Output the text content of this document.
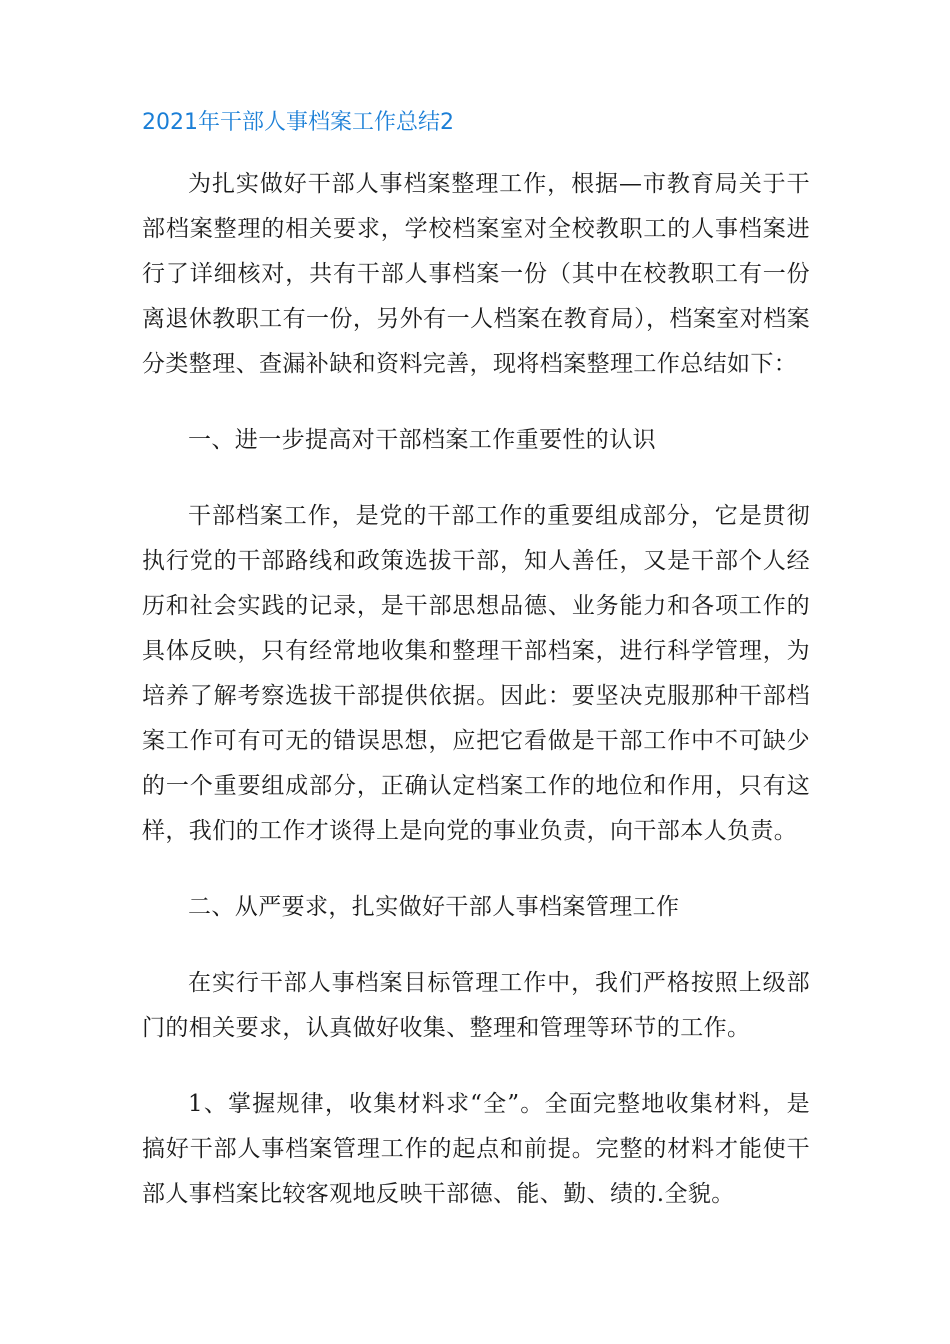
2021年干部人事档案工作总结2

为扎实做好干部人事档案整理工作，根据—市教育局关于干部档案整理的相关要求，学校档案室对全校教职工的人事档案进行了详细核对，共有干部人事档案一份（其中在校教职工有一份离退休教职工有一份，另外有一人档案在教育局），档案室对档案分类整理、查漏补缺和资料完善，现将档案整理工作总结如下：

一、进一步提高对干部档案工作重要性的认识

干部档案工作，是党的干部工作的重要组成部分，它是贯彻执行党的干部路线和政策选拔干部，知人善任，又是干部个人经历和社会实践的记录，是干部思想品德、业务能力和各项工作的具体反映，只有经常地收集和整理干部档案，进行科学管理，为培养了解考察选拔干部提供依据。因此：要坚决克服那种干部档案工作可有可无的错误思想，应把它看做是干部工作中不可缺少的一个重要组成部分，正确认定档案工作的地位和作用，只有这样，我们的工作才谈得上是向党的事业负责，向干部本人负责。

二、从严要求，扎实做好干部人事档案管理工作

在实行干部人事档案目标管理工作中，我们严格按照上级部门的相关要求，认真做好收集、整理和管理等环节的工作。

1、掌握规律，收集材料求“全”。全面完整地收集材料，是搞好干部人事档案管理工作的起点和前提。完整的材料才能使干部人事档案比较客观地反映干部德、能、勤、绩的.全貌。
